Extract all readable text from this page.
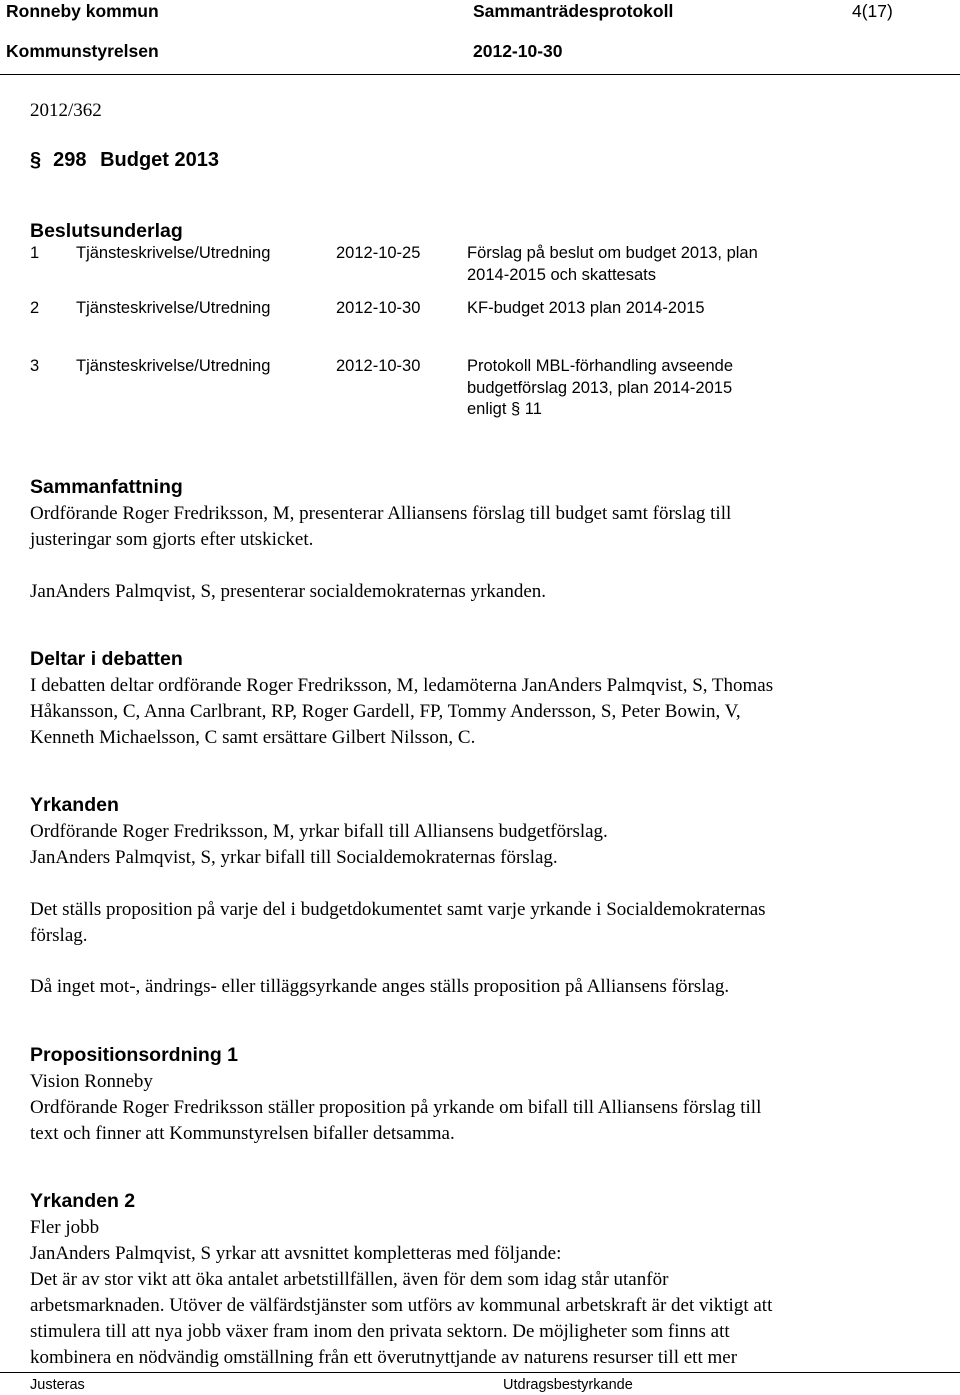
Ronneby kommun	Sammanträdesprotokoll	4(17)
Kommunstyrelsen	2012-10-30
2012/362
§ 298 Budget 2013
Beslutsunderlag
1 Tjänsteskrivelse/Utredning	2012-10-25	Förslag på beslut om budget 2013, plan
2014-2015 och skattesats
2 Tjänsteskrivelse/Utredning	2012-10-30	KF-budget 2013 plan 2014-2015
3 Tjänsteskrivelse/Utredning	2012-10-30	Protokoll MBL-förhandling avseende
budgetförslag 2013, plan 2014-2015
enligt § 11
Sammanfattning
Ordförande Roger Fredriksson, M, presenterar Alliansens förslag till budget samt förslag till
justeringar som gjorts efter utskicket.
JanAnders Palmqvist, S, presenterar socialdemokraternas yrkanden.
Deltar i debatten
I debatten deltar ordförande Roger Fredriksson, M, ledamöterna JanAnders Palmqvist, S, Thomas
Håkansson, C, Anna Carlbrant, RP, Roger Gardell, FP, Tommy Andersson, S, Peter Bowin, V,
Kenneth Michaelsson, C samt ersättare Gilbert Nilsson, C.
Yrkanden
Ordförande Roger Fredriksson, M, yrkar bifall till Alliansens budgetförslag.
JanAnders Palmqvist, S, yrkar bifall till Socialdemokraternas förslag.
Det ställs proposition på varje del i budgetdokumentet samt varje yrkande i Socialdemokraternas
förslag.
Då inget mot-, ändrings- eller tilläggsyrkande anges ställs proposition på Alliansens förslag.
Propositionsordning 1
Vision Ronneby
Ordförande Roger Fredriksson ställer proposition på yrkande om bifall till Alliansens förslag till
text och finner att Kommunstyrelsen bifaller detsamma.
Yrkanden 2
Fler jobb
JanAnders Palmqvist, S yrkar att avsnittet kompletteras med följande:
Det är av stor vikt att öka antalet arbetstillfällen, även för dem som idag står utanför
arbetsmarknaden. Utöver de välfärdstjänster som utförs av kommunal arbetskraft är det viktigt att
stimulera till att nya jobb växer fram inom den privata sektorn. De möjligheter som finns att
kombinera en nödvändig omställning från ett överutnyttjande av naturens resurser till ett mer
Justeras	Utdragsbestyrkande
